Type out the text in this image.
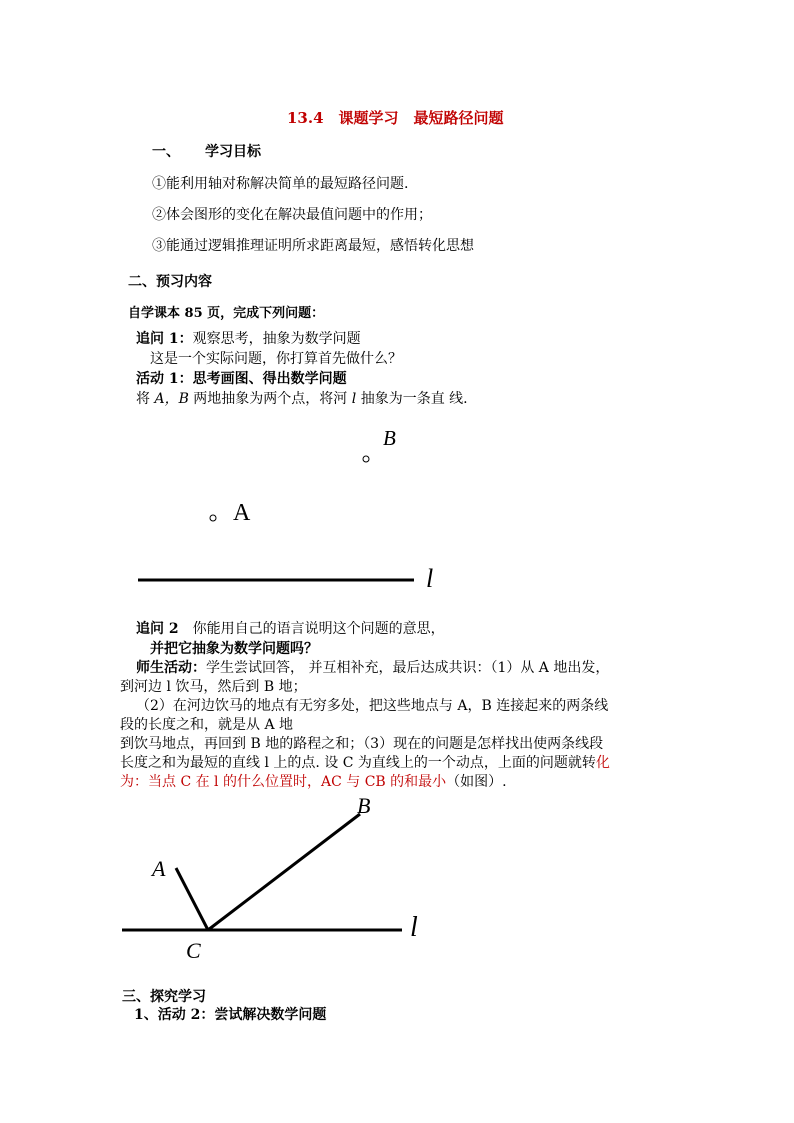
13.4　课题学习　最短路径问题
一、 学习目标
①能利用轴对称解决简单的最短路径问题.
②体会图形的变化在解决最值问题中的作用；
③能通过逻辑推理证明所求距离最短，感悟转化思想
二、预习内容
自学课本 85 页，完成下列问题：
追问 1：观察思考，抽象为数学问题
这是一个实际问题，你打算首先做什么？
活动 1：思考画图、得出数学问题
将 A，B 两地抽象为两个点，将河 l 抽象为一条直 线.
B
A
l
追问 2　你能用自己的语言说明这个问题的意思，
并把它抽象为数学问题吗？
师生活动：学生尝试回答， 并互相补充，最后达成共识：（1）从 A 地出发，
到河边 l 饮马，然后到 B 地；
（2）在河边饮马的地点有无穷多处，把这些地点与 A，B 连接起来的两条线
段的长度之和，就是从 A 地
到饮马地点，再回到 B 地的路程之和；（3）现在的问题是怎样找出使两条线段
长度之和为最短的直线 l 上的点. 设 C 为直线上的一个动点，上面的问题就转化
为：当点 C 在 l 的什么位置时，AC 与 CB 的和最小（如图）.
A
B
C
l
三、探究学习
1、活动 2：尝试解决数学问题
